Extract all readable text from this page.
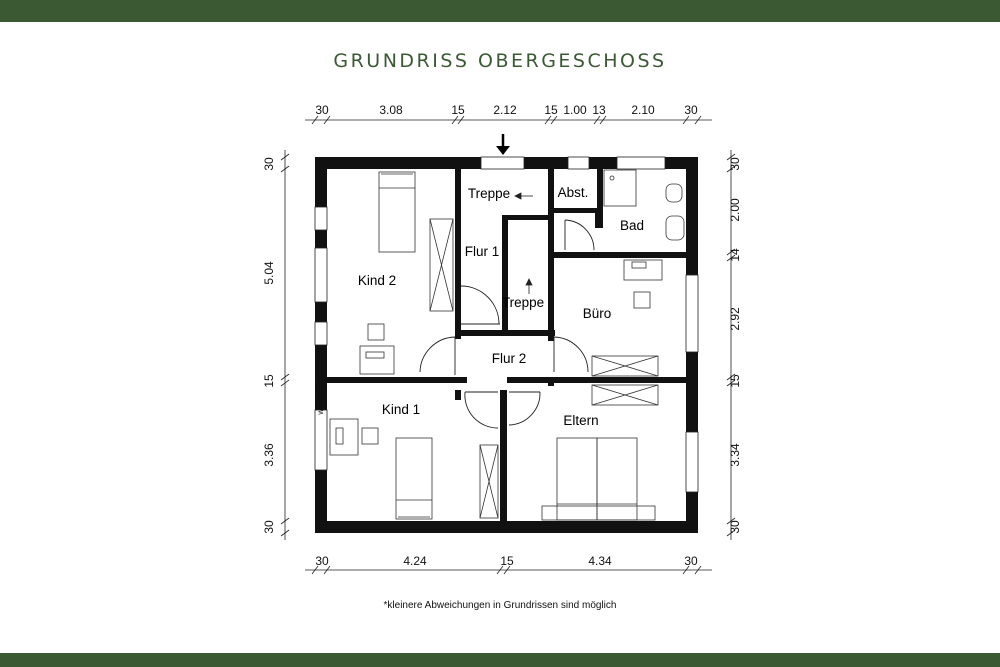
GRUNDRISS OBERGESCHOSS
30	3.08	15 2.12 15 1.00 13 2.10 30
30	4.24	15	4.34	30
30
5.04
15
3.36
30
30
2.00
14
2.92
15
3.34
30
Kind 2
Kind 1
Treppe
Flur 1
Treppe
Flur 2
Abst.
Bad
Büro
Eltern
www.grundriss.com
*kleinere Abweichungen in Grundrissen sind möglich
